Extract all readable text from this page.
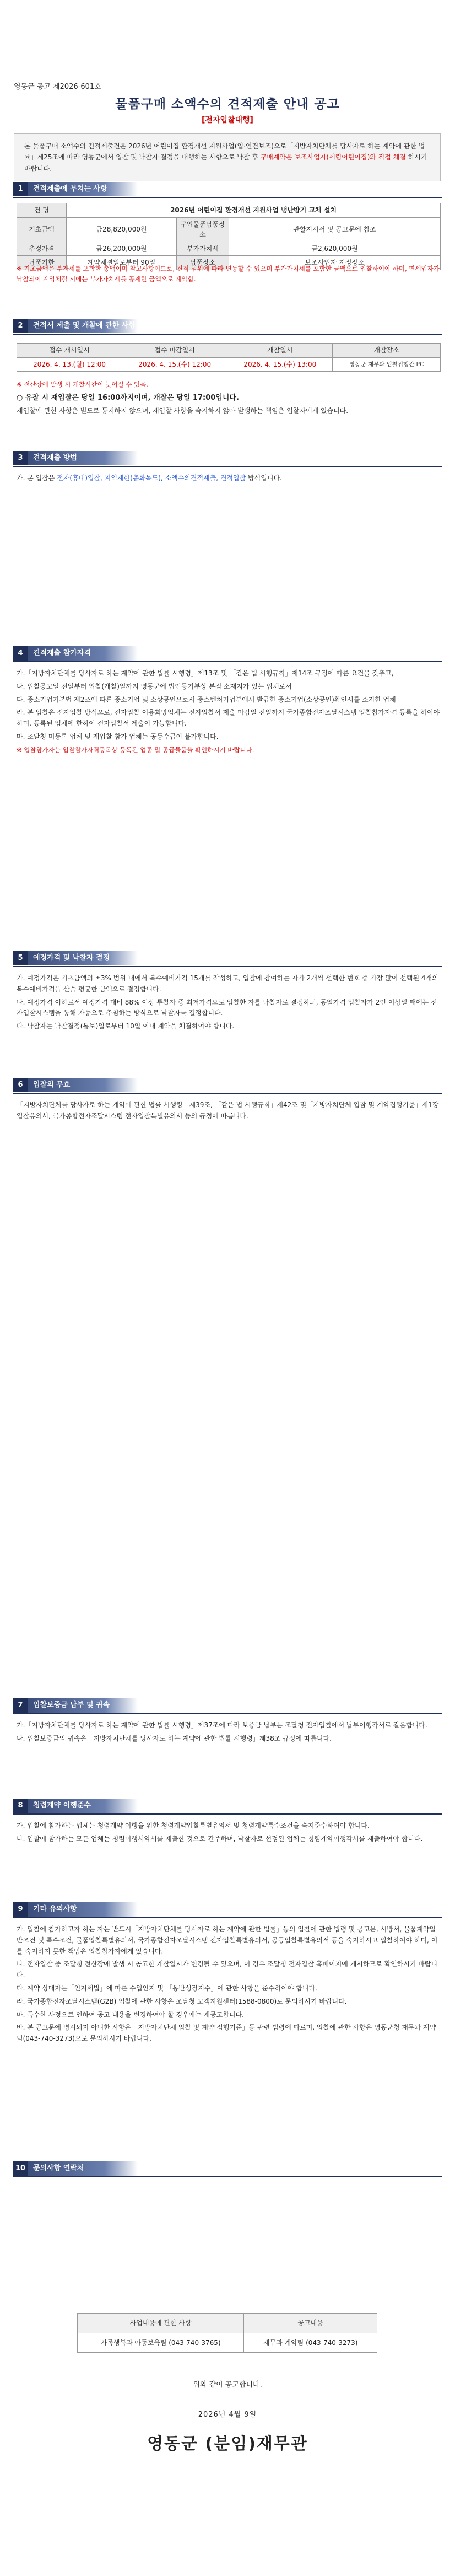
영동군 공고 제2026-601호
물품구매 소액수의 견적제출 안내 공고
[전자입찰대행]
본 물품구매 소액수의 견적제출건은 2026년 어린이집 환경개선 지원사업(입·인건보조)으로「지방자치단체를 당사자로 하는 계약에 관한 법률」제25조에 따라 영동군에서 입찰 및 낙찰자 결정을 대행하는 사항으로 낙찰 후 구매계약은 보조사업자(세림어린이집)와 직접 체결 하시기 바랍니다.
1	견적제출에 부치는 사항
건 명	2026년 어린이집 환경개선 지원사업 냉난방기 교체 설치		
기초금액	금28,820,000원	구입물품납품장소	관할지시서 및 공고문에 참조
추정가격	금26,200,000원	부가가치세	금2,620,000원
납품기한	계약체결일로부터 90일	납품장소	보조사업자 지정장소
※ 기초금액은 부가세를 포함한 총액이며 참고사항이므로, 견적 범위에 따라 변동할 수 있으며 부가가치세를 포함한 금액으로 입찰하여야 하며, 면세업자가 낙찰되어 계약체결 시에는 부가가치세를 공제한 금액으로 계약함.
2	견적서 제출 및 개찰에 관한 사항
접수 개시일시	접수 마감일시	개찰일시	개찰장소
2026. 4. 13.(월) 12:00	2026. 4. 15.(수) 12:00	2026. 4. 15.(수) 13:00	영동군 재무과 입찰집행관 PC

※ 전산장애 발생 시 개찰시간이 늦어질 수 있음.

○ 유찰 시 재입찰은 당일 16:00까지이며, 개찰은 당일 17:00입니다.

재입찰에 관한 사항은 별도로 통지하지 않으며, 재입찰 사항을 숙지하지 않아 발생하는 책임은 입찰자에게 있습니다.

3	견적제출 방법
가. 본 입찰은 전자(휴대)입찰, 지역제한(총화목도), 소액수의견적제출, 견적입찰 방식입니다.
4	견적제출 참가자격

가.「지방자치단체를 당사자로 하는 계약에 관한 법률 시행령」제13조 및 「같은 법 시행규칙」제14조 규정에 따른 요건을 갖추고,

나. 입찰공고일 전일부터 입찰(개찰)일까지 영동군에 법인등기부상 본점 소재지가 있는 업체로서

다. 중소기업기본법 제2조에 따른 중소기업 및 소상공인으로서 중소벤처기업부에서 발급한 중소기업(소상공인)확인서를 소지한 업체

라. 본 입찰은 전자입찰 방식으로, 전자입찰 이용희망업체는 전자입찰서 제출 마감일 전일까지 국가종합전자조달시스템 입찰참가자격 등록을 하여야 하며, 등록된 업체에 한하여 전자입찰서 제출이 가능합니다.

마. 조달청 미등록 업체 및 재입찰 참가 업체는 공동수급이 불가합니다.

※ 입찰참가자는 입찰참가자격등록상 등록된 업종 및 공급물품을 확인하시기 바랍니다.

5	예정가격 및 낙찰자 결정

가. 예정가격은 기초금액의 ±3% 범위 내에서 복수예비가격 15개를 작성하고, 입찰에 참여하는 자가 2개씩 선택한 번호 중 가장 많이 선택된 4개의 복수예비가격을 산술 평균한 금액으로 결정합니다.

나. 예정가격 이하로서 예정가격 대비 88% 이상 투찰자 중 최저가격으로 입찰한 자를 낙찰자로 결정하되, 동일가격 입찰자가 2인 이상일 때에는 전자입찰시스템을 통해 자동으로 추첨하는 방식으로 낙찰자를 결정합니다.

다. 낙찰자는 낙찰결정(통보)일로부터 10일 이내 계약을 체결하여야 합니다.

6	입찰의 무효

「지방자치단체를 당사자로 하는 계약에 관한 법률 시행령」제39조, 「같은 법 시행규칙」제42조 및「지방자치단체 입찰 및 계약집행기준」제1장 입찰유의서, 국가종합전자조달시스템 전자입찰특별유의서 등의 규정에 따릅니다.

7	입찰보증금 납부 및 귀속

가.「지방자치단체를 당사자로 하는 계약에 관한 법률 시행령」제37조에 따라 보증금 납부는 조달청 전자입찰에서 납부이행각서로 갈음합니다.

나. 입찰보증금의 귀속은「지방자치단체를 당사자로 하는 계약에 관한 법률 시행령」제38조 규정에 따릅니다.

8	청렴계약 이행준수

가. 입찰에 참가하는 업체는 청렴계약 이행을 위한 청렴계약입찰특별유의서 및 청렴계약특수조건을 숙지준수하여야 합니다.

나. 입찰에 참가하는 모든 업체는 청렴이행서약서를 제출한 것으로 간주하며, 낙찰자로 선정된 업체는 청렴계약이행각서를 제출하여야 합니다.

9	기타 유의사항

가. 입찰에 참가하고자 하는 자는 반드시「지방자치단체를 당사자로 하는 계약에 관한 법률」등의 입찰에 관한 법령 및 공고문, 시방서, 물품계약일반조건 및 특수조건, 물품입찰특별유의서, 국가종합전자조달시스템 전자입찰특별유의서, 공공입찰특별유의서 등을 숙지하시고 입찰하여야 하며, 이를 숙지하지 못한 책임은 입찰참가자에게 있습니다.

나. 전자입찰 중 조달청 전산장애 발생 시 공고한 개찰일시가 변경될 수 있으며, 이 경우 조달청 전자입찰 홈페이지에 게시하므로 확인하시기 바랍니다.

다. 계약 상대자는「인지세법」에 따른 수입인지 및 「동반성장지수」에 관한 사항을 준수하여야 합니다.

라. 국가종합전자조달시스템(G2B) 입찰에 관한 사항은 조달청 고객지원센터(1588-0800)로 문의하시기 바랍니다.

마. 특수한 사정으로 인하여 공고 내용을 변경하여야 할 경우에는 재공고합니다.

바. 본 공고문에 명시되지 아니한 사항은「지방자치단체 입찰 및 계약 집행기준」등 관련 법령에 따르며, 입찰에 관한 사항은 영동군청 재무과 계약팀(043-740-3273)으로 문의하시기 바랍니다.

10	문의사항 연락처
사업내용에 관한 사항	공고내용
가족행복과 아동보육팀 (043-740-3765)	재무과 계약팀 (043-740-3273)
위와 같이 공고합니다.
2026년 4월 9일
영동군 (분임)재무관
